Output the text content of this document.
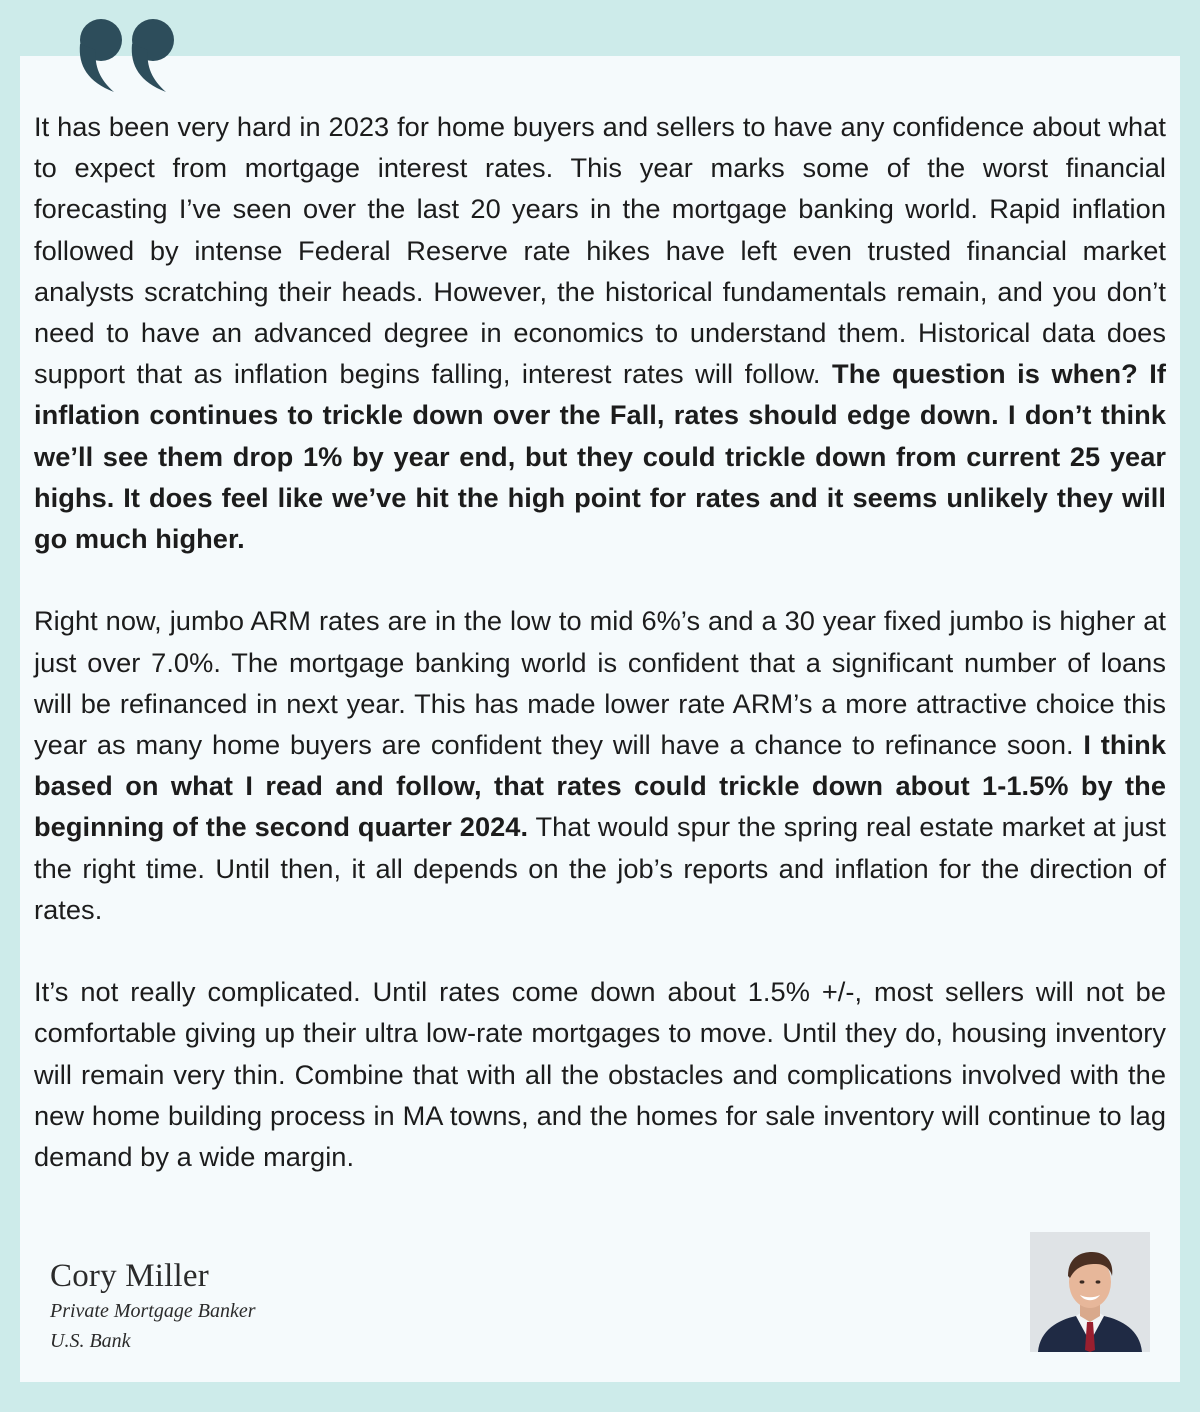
It has been very hard in 2023 for home buyers and sellers to have any confidence about what to expect from mortgage interest rates. This year marks some of the worst financial forecasting I’ve seen over the last 20 years in the mortgage banking world. Rapid inflation followed by intense Federal Reserve rate hikes have left even trusted financial market analysts scratching their heads. However, the historical fundamentals remain, and you don’t need to have an advanced degree in economics to understand them. Historical data does support that as inflation begins falling, interest rates will follow. The question is when? If inflation continues to trickle down over the Fall, rates should edge down. I don’t think we’ll see them drop 1% by year end, but they could trickle down from current 25 year highs. It does feel like we’ve hit the high point for rates and it seems unlikely they will go much higher.

Right now, jumbo ARM rates are in the low to mid 6%’s and a 30 year fixed jumbo is higher at just over 7.0%. The mortgage banking world is confident that a significant number of loans will be refinanced in next year. This has made lower rate ARM’s a more attractive choice this year as many home buyers are confident they will have a chance to refinance soon. I think based on what I read and follow, that rates could trickle down about 1-1.5% by the beginning of the second quarter 2024. That would spur the spring real estate market at just the right time. Until then, it all depends on the job’s reports and inflation for the direction of rates.

It’s not really complicated. Until rates come down about 1.5% +/-, most sellers will not be comfortable giving up their ultra low-rate mortgages to move. Until they do, housing inventory will remain very thin. Combine that with all the obstacles and complications involved with the new home building process in MA towns, and the homes for sale inventory will continue to lag demand by a wide margin.

Cory Miller
Private Mortgage Banker
U.S. Bank
